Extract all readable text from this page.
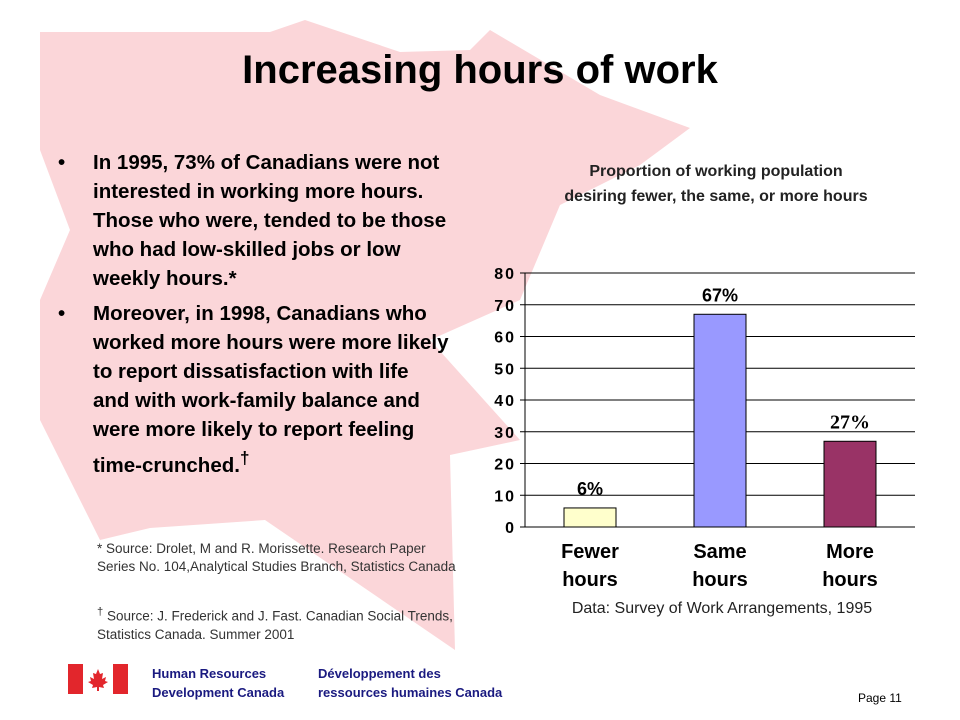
Increasing hours of work
• In 1995, 73% of Canadians were not interested in working more hours. Those who were, tended to be those who had low-skilled jobs or low weekly hours.*
• Moreover, in 1998, Canadians who worked more hours were more likely to report dissatisfaction with life and with work-family balance and were more likely to report feeling time-crunched.†
* Source: Drolet, M and R. Morissette. Research Paper Series No. 104,Analytical Studies Branch, Statistics Canada
† Source: J. Frederick and J. Fast. Canadian Social Trends, Statistics Canada. Summer 2001
Proportion of working population
desiring fewer, the same, or more hours
0
10
20
30
40
50
60
70
80
6%
Fewer
hours
67%
Same
hours
27%
More
hours
Data: Survey of Work Arrangements, 1995
Human Resources
Development Canada
Développement des
ressources humaines Canada	Page 11
